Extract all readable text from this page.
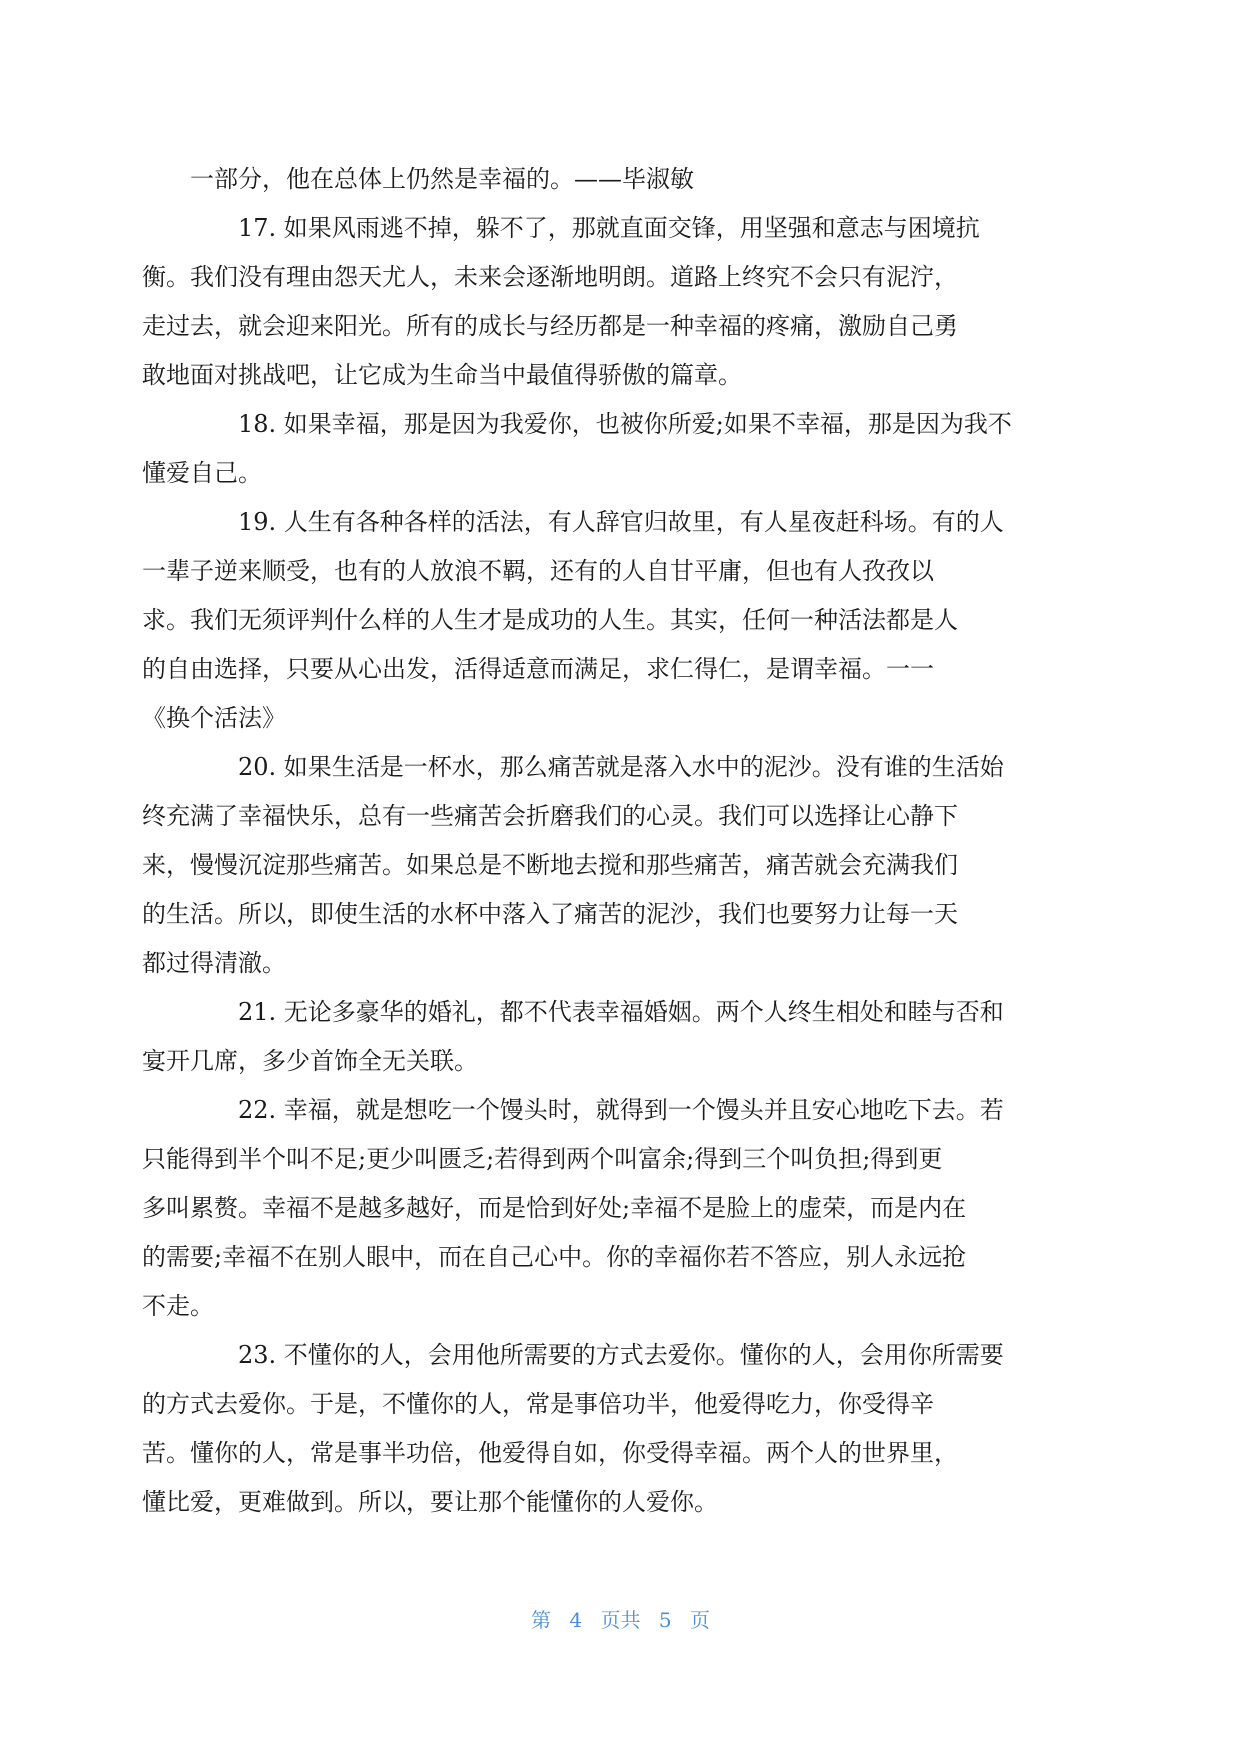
一部分，他在总体上仍然是幸福的。——毕淑敏

17. 如果风雨逃不掉，躲不了，那就直面交锋，用坚强和意志与困境抗
衡。我们没有理由怨天尤人，未来会逐渐地明朗。道路上终究不会只有泥泞，
走过去，就会迎来阳光。所有的成长与经历都是一种幸福的疼痛，激励自己勇
敢地面对挑战吧，让它成为生命当中最值得骄傲的篇章。

18. 如果幸福，那是因为我爱你，也被你所爱;如果不幸福，那是因为我不
懂爱自己。

19. 人生有各种各样的活法，有人辞官归故里，有人星夜赶科场。有的人
一辈子逆来顺受，也有的人放浪不羁，还有的人自甘平庸，但也有人孜孜以
求。我们无须评判什么样的人生才是成功的人生。其实，任何一种活法都是人
的自由选择，只要从心出发，活得适意而满足，求仁得仁，是谓幸福。一一
《换个活法》

20. 如果生活是一杯水，那么痛苦就是落入水中的泥沙。没有谁的生活始
终充满了幸福快乐，总有一些痛苦会折磨我们的心灵。我们可以选择让心静下
来，慢慢沉淀那些痛苦。如果总是不断地去搅和那些痛苦，痛苦就会充满我们
的生活。所以，即使生活的水杯中落入了痛苦的泥沙，我们也要努力让每一天
都过得清澈。

21. 无论多豪华的婚礼，都不代表幸福婚姻。两个人终生相处和睦与否和
宴开几席，多少首饰全无关联。

22. 幸福，就是想吃一个馒头时，就得到一个馒头并且安心地吃下去。若
只能得到半个叫不足;更少叫匮乏;若得到两个叫富余;得到三个叫负担;得到更
多叫累赘。幸福不是越多越好，而是恰到好处;幸福不是脸上的虚荣，而是内在
的需要;幸福不在别人眼中，而在自己心中。你的幸福你若不答应，别人永远抢
不走。

23. 不懂你的人，会用他所需要的方式去爱你。懂你的人，会用你所需要
的方式去爱你。于是，不懂你的人，常是事倍功半，他爱得吃力，你受得辛
苦。懂你的人，常是事半功倍，他爱得自如，你受得幸福。两个人的世界里，
懂比爱，更难做到。所以，要让那个能懂你的人爱你。

第 4 页共 5 页
